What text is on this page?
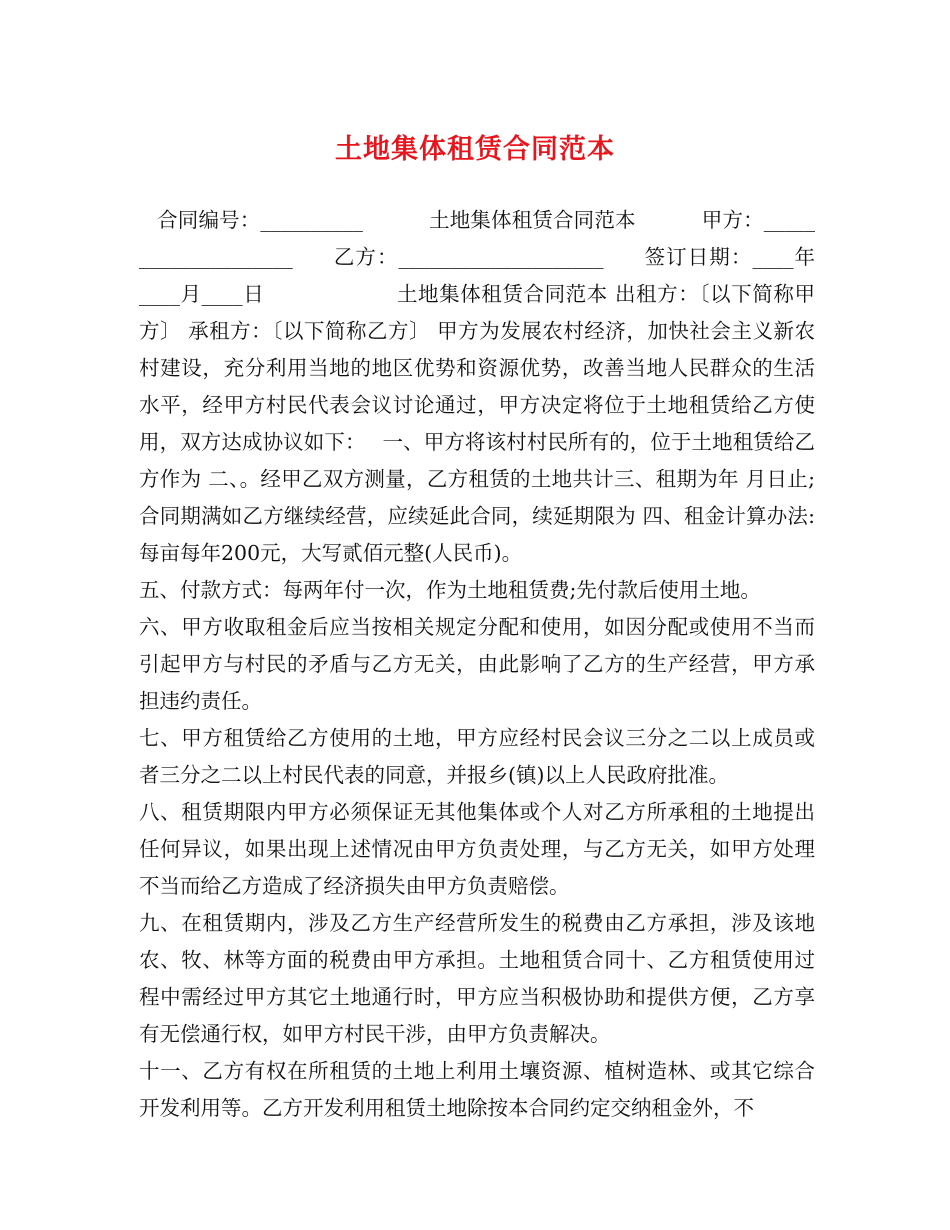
土地集体租赁合同范本

合同编号：__________	土地集体租赁合同范本	甲方：_____ _______________ 乙方：____________________ 签订日期：____年 ____月____日	土地集体租赁合同范本 出租方：〔以下简称甲方〕 承租方：〔以下简称乙方〕 甲方为发展农村经济，加快社会主义新农村建设，充分利用当地的地区优势和资源优势，改善当地人民群众的生活水平，经甲方村民代表会议讨论通过，甲方决定将位于土地租赁给乙方使用，双方达成协议如下：　 一、甲方将该村村民所有的，位于土地租赁给乙方作为 二、。经甲乙双方测量，乙方租赁的土地共计三、租期为年 月日止;合同期满如乙方继续经营，应续延此合同，续延期限为 四、租金计算办法:每亩每年200元，大写贰佰元整(人民币)。

五、付款方式：每两年付一次，作为土地租赁费;先付款后使用土地。

六、甲方收取租金后应当按相关规定分配和使用，如因分配或使用不当而引起甲方与村民的矛盾与乙方无关，由此影响了乙方的生产经营，甲方承担违约责任。

七、甲方租赁给乙方使用的土地，甲方应经村民会议三分之二以上成员或者三分之二以上村民代表的同意，并报乡(镇)以上人民政府批准。

八、租赁期限内甲方必须保证无其他集体或个人对乙方所承租的土地提出任何异议，如果出现上述情况由甲方负责处理，与乙方无关，如甲方处理不当而给乙方造成了经济损失由甲方负责赔偿。

九、在租赁期内，涉及乙方生产经营所发生的税费由乙方承担，涉及该地农、牧、林等方面的税费由甲方承担。土地租赁合同十、乙方租赁使用过程中需经过甲方其它土地通行时，甲方应当积极协助和提供方便，乙方享有无偿通行权，如甲方村民干涉，由甲方负责解决。

十一、乙方有权在所租赁的土地上利用土壤资源、植树造林、或其它综合开发利用等。乙方开发利用租赁土地除按本合同约定交纳租金外，不
